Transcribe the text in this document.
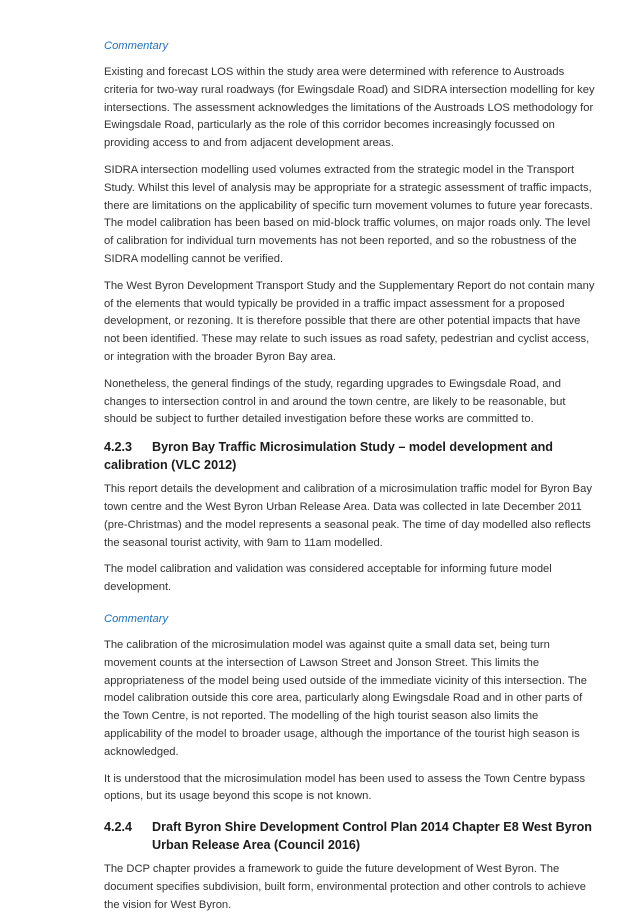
Commentary

Existing and forecast LOS within the study area were determined with reference to Austroads criteria for two-way rural roadways (for Ewingsdale Road) and SIDRA intersection modelling for key intersections. The assessment acknowledges the limitations of the Austroads LOS methodology for Ewingsdale Road, particularly as the role of this corridor becomes increasingly focussed on providing access to and from adjacent development areas.

SIDRA intersection modelling used volumes extracted from the strategic model in the Transport Study. Whilst this level of analysis may be appropriate for a strategic assessment of traffic impacts, there are limitations on the applicability of specific turn movement volumes to future year forecasts. The model calibration has been based on mid-block traffic volumes, on major roads only. The level of calibration for individual turn movements has not been reported, and so the robustness of the SIDRA modelling cannot be verified.

The West Byron Development Transport Study and the Supplementary Report do not contain many of the elements that would typically be provided in a traffic impact assessment for a proposed development, or rezoning. It is therefore possible that there are other potential impacts that have not been identified. These may relate to such issues as road safety, pedestrian and cyclist access, or integration with the broader Byron Bay area.

Nonetheless, the general findings of the study, regarding upgrades to Ewingsdale Road, and changes to intersection control in and around the town centre, are likely to be reasonable, but should be subject to further detailed investigation before these works are committed to.

4.2.3 Byron Bay Traffic Microsimulation Study – model development and calibration (VLC 2012)

This report details the development and calibration of a microsimulation traffic model for Byron Bay town centre and the West Byron Urban Release Area. Data was collected in late December 2011 (pre-Christmas) and the model represents a seasonal peak. The time of day modelled also reflects the seasonal tourist activity, with 9am to 11am modelled.

The model calibration and validation was considered acceptable for informing future model development.

Commentary

The calibration of the microsimulation model was against quite a small data set, being turn movement counts at the intersection of Lawson Street and Jonson Street. This limits the appropriateness of the model being used outside of the immediate vicinity of this intersection. The model calibration outside this core area, particularly along Ewingsdale Road and in other parts of the Town Centre, is not reported. The modelling of the high tourist season also limits the applicability of the model to broader usage, although the importance of the tourist high season is acknowledged.

It is understood that the microsimulation model has been used to assess the Town Centre bypass options, but its usage beyond this scope is not known.

4.2.4	Draft Byron Shire Development Control Plan 2014 Chapter E8 West Byron Urban Release Area (Council 2016)

The DCP chapter provides a framework to guide the future development of West Byron. The document specifies subdivision, built form, environmental protection and other controls to achieve the vision for West Byron.
